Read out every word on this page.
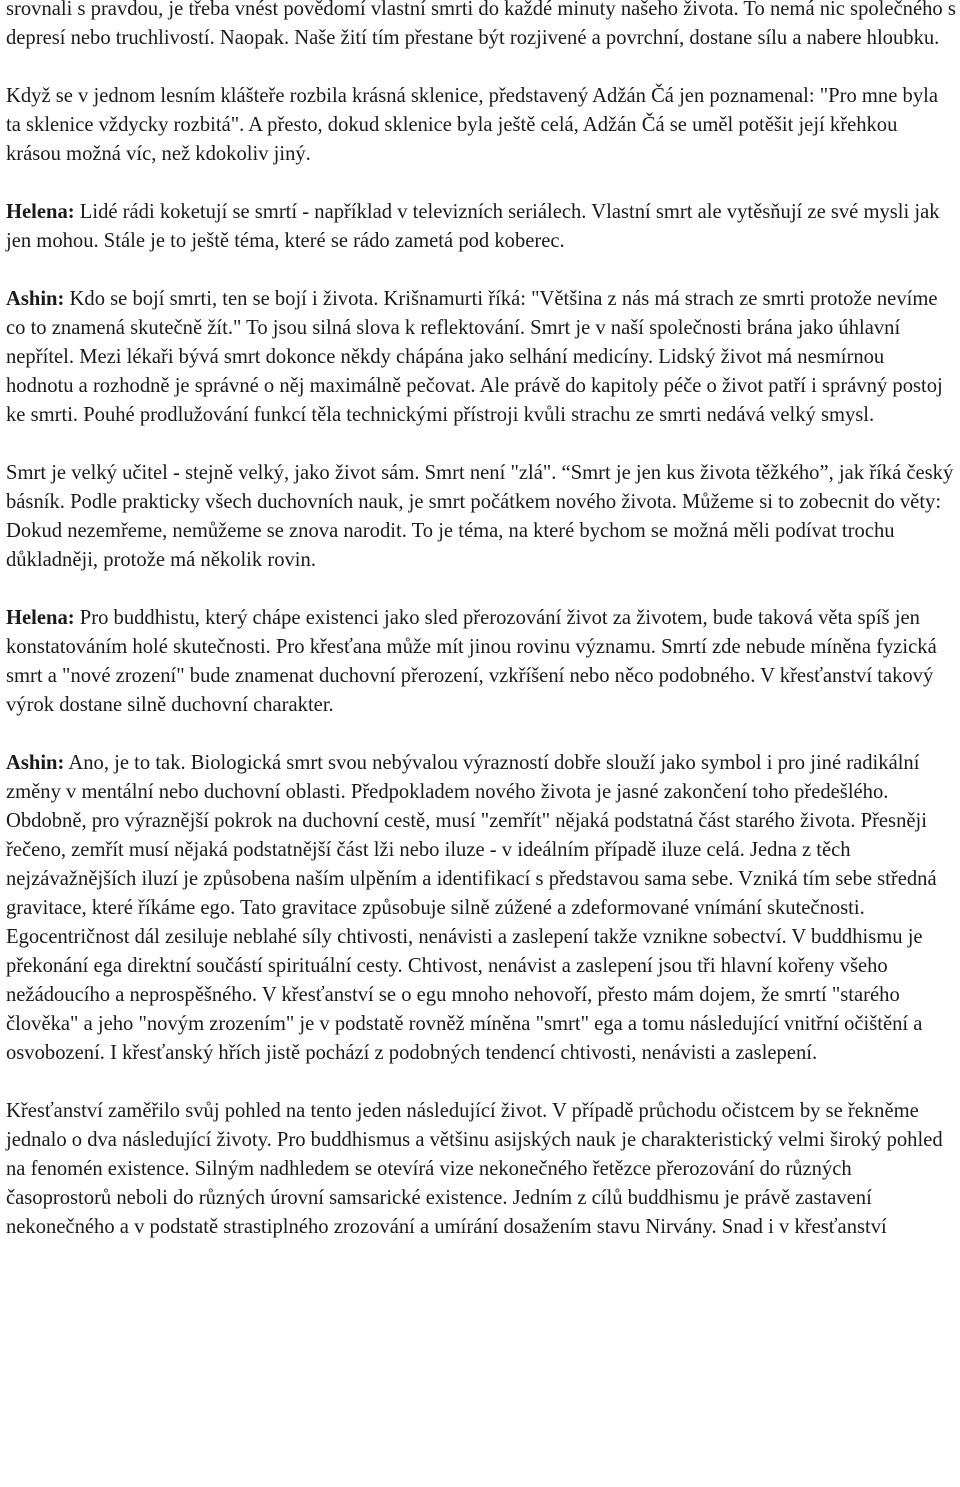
srovnali s pravdou, je třeba vnést povědomí vlastní smrti do každé minuty našeho života. To nemá nic společného s depresí nebo truchlivostí. Naopak. Naše žití tím přestane být rozjivené a povrchní, dostane sílu a nabere hloubku.

Když se v jednom lesním klášteře rozbila krásná sklenice, představený Adžán Čá jen poznamenal: "Pro mne byla ta sklenice vždycky rozbitá". A přesto, dokud sklenice byla ještě celá, Adžán Čá se uměl potěšit její křehkou krásou možná víc, než kdokoliv jiný.

Helena: Lidé rádi koketují se smrtí - například v televizních seriálech. Vlastní smrt ale vytěsňují ze své mysli jak jen mohou. Stále je to ještě téma, které se rádo zametá pod koberec.

Ashin: Kdo se bojí smrti, ten se bojí i života. Krišnamurti říká: "Většina z nás má strach ze smrti protože nevíme co to znamená skutečně žít." To jsou silná slova k reflektování. Smrt je v naší společnosti brána jako úhlavní nepřítel. Mezi lékaři bývá smrt dokonce někdy chápána jako selhání medicíny. Lidský život má nesmírnou hodnotu a rozhodně je správné o něj maximálně pečovat. Ale právě do kapitoly péče o život patří i správný postoj ke smrti. Pouhé prodlužování funkcí těla technickými přístroji kvůli strachu ze smrti nedává velký smysl.

Smrt je velký učitel - stejně velký, jako život sám. Smrt není "zlá". “Smrt je jen kus života těžkého”, jak říká český básník. Podle prakticky všech duchovních nauk, je smrt počátkem nového života. Můžeme si to zobecnit do věty: Dokud nezemřeme, nemůžeme se znova narodit. To je téma, na které bychom se možná měli podívat trochu důkladněji, protože má několik rovin.

Helena: Pro buddhistu, který chápe existenci jako sled přerozování život za životem, bude taková věta spíš jen konstatováním holé skutečnosti. Pro křesťana může mít jinou rovinu významu. Smrtí zde nebude míněna fyzická smrt a "nové zrození" bude znamenat duchovní přerození, vzkříšení nebo něco podobného. V křesťanství takový výrok dostane silně duchovní charakter.

Ashin: Ano, je to tak. Biologická smrt svou nebývalou výrazností dobře slouží jako symbol i pro jiné radikální změny v mentální nebo duchovní oblasti. Předpokladem nového života je jasné zakončení toho předešlého. Obdobně, pro výraznější pokrok na duchovní cestě, musí "zemřít" nějaká podstatná část starého života. Přesněji řečeno, zemřít musí nějaká podstatnější část lži nebo iluze - v ideálním případě iluze celá. Jedna z těch nejzávažnějších iluzí je způsobena naším ulpěním a identifikací s představou sama sebe. Vzniká tím sebe středná gravitace, které říkáme ego. Tato gravitace způsobuje silně zúžené a zdeformované vnímání skutečnosti. Egocentričnost dál zesiluje neblahé síly chtivosti, nenávisti a zaslepení takže vznikne sobectví. V buddhismu je překonání ega direktní součástí spirituální cesty. Chtivost, nenávist a zaslepení jsou tři hlavní kořeny všeho nežádoucího a neprospěšného. V křesťanství se o egu mnoho nehovoří, přesto mám dojem, že smrtí "starého člověka" a jeho "novým zrozením" je v podstatě rovněž míněna "smrt" ega a tomu následující vnitřní očištění a osvobození. I křesťanský hřích jistě pochází z podobných tendencí chtivosti, nenávisti a zaslepení.

Křesťanství zaměřilo svůj pohled na tento jeden následující život. V případě průchodu očistcem by se řekněme jednalo o dva následující životy. Pro buddhismus a většinu asijských nauk je charakteristický velmi široký pohled na fenomén existence. Silným nadhledem se otevírá vize nekonečného řetězce přerozování do různých časoprostorů neboli do různých úrovní samsarické existence. Jedním z cílů buddhismu je právě zastavení nekonečného a v podstatě strastiplného zrozování a umírání dosažením stavu Nirvány. Snad i v křesťanství
